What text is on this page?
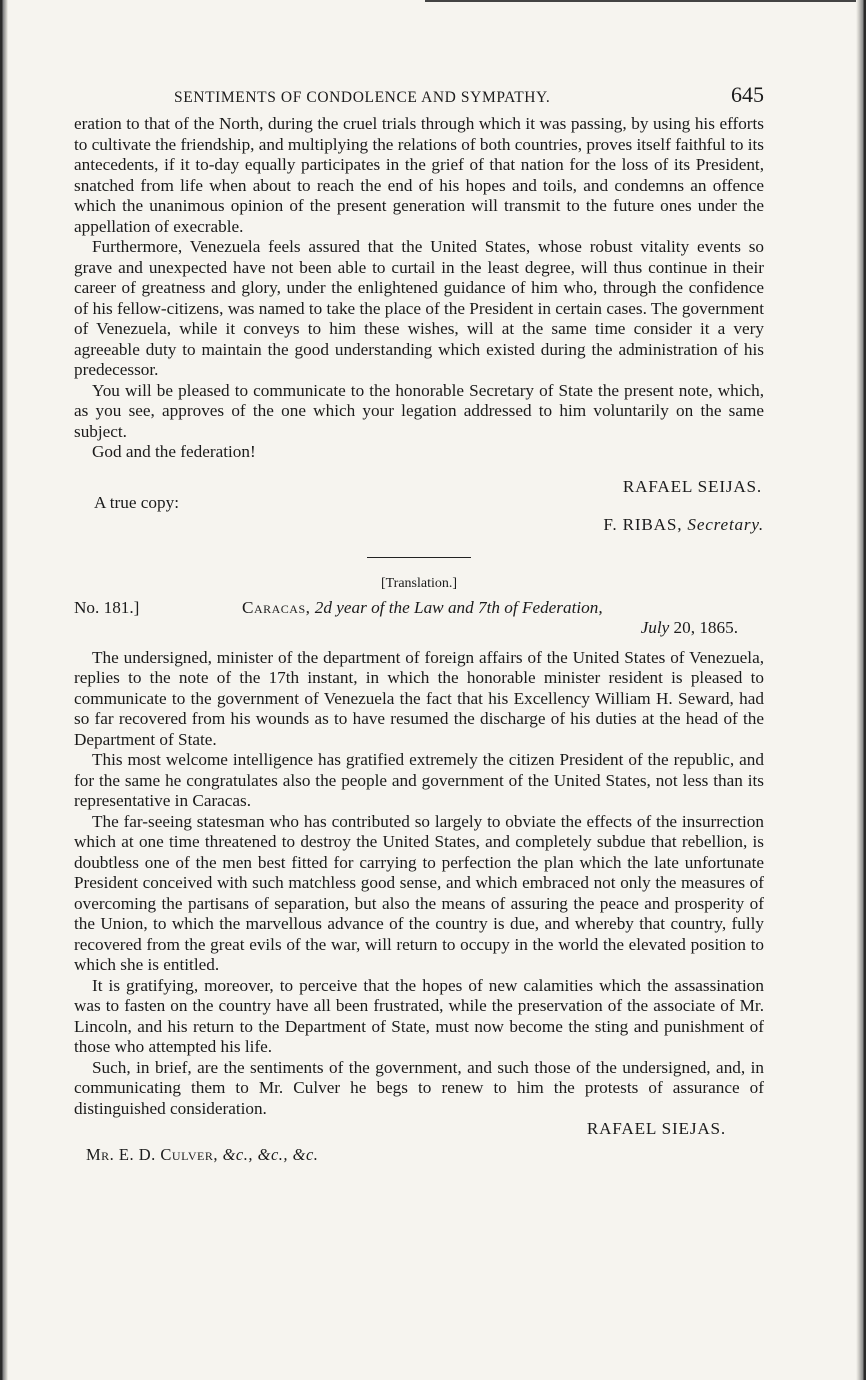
SENTIMENTS OF CONDOLENCE AND SYMPATHY.	645

eration to that of the North, during the cruel trials through which it was passing, by using his efforts to cultivate the friendship, and multiplying the relations of both countries, proves itself faithful to its antecedents, if it to-day equally participates in the grief of that nation for the loss of its President, snatched from life when about to reach the end of his hopes and toils, and condemns an offence which the unanimous opinion of the present generation will transmit to the future ones under the appellation of execrable.

Furthermore, Venezuela feels assured that the United States, whose robust vitality events so grave and unexpected have not been able to curtail in the least degree, will thus continue in their career of greatness and glory, under the enlightened guidance of him who, through the confidence of his fellow-citizens, was named to take the place of the President in certain cases. The government of Venezuela, while it conveys to him these wishes, will at the same time consider it a very agreeable duty to maintain the good understanding which existed during the administration of his predecessor.

You will be pleased to communicate to the honorable Secretary of State the present note, which, as you see, approves of the one which your legation addressed to him voluntarily on the same subject.

God and the federation!

RAFAEL SEIJAS.
A true copy:
F. RIBAS, Secretary.
[Translation.]
No. 181.]	Caracas, 2d year of the Law and 7th of Federation,
July 20, 1865.

The undersigned, minister of the department of foreign affairs of the United States of Venezuela, replies to the note of the 17th instant, in which the honorable minister resident is pleased to communicate to the government of Venezuela the fact that his Excellency William H. Seward, had so far recovered from his wounds as to have resumed the discharge of his duties at the head of the Department of State.

This most welcome intelligence has gratified extremely the citizen President of the republic, and for the same he congratulates also the people and government of the United States, not less than its representative in Caracas.

The far-seeing statesman who has contributed so largely to obviate the effects of the insurrection which at one time threatened to destroy the United States, and completely subdue that rebellion, is doubtless one of the men best fitted for carrying to perfection the plan which the late unfortunate President conceived with such matchless good sense, and which embraced not only the measures of overcoming the partisans of separation, but also the means of assuring the peace and prosperity of the Union, to which the marvellous advance of the country is due, and whereby that country, fully recovered from the great evils of the war, will return to occupy in the world the elevated position to which she is entitled.

It is gratifying, moreover, to perceive that the hopes of new calamities which the assassination was to fasten on the country have all been frustrated, while the preservation of the associate of Mr. Lincoln, and his return to the Department of State, must now become the sting and punishment of those who attempted his life.

Such, in brief, are the sentiments of the government, and such those of the undersigned, and, in communicating them to Mr. Culver he begs to renew to him the protests of assurance of distinguished consideration.

RAFAEL SIEJAS.
Mr. E. D. Culver, &c., &c., &c.
